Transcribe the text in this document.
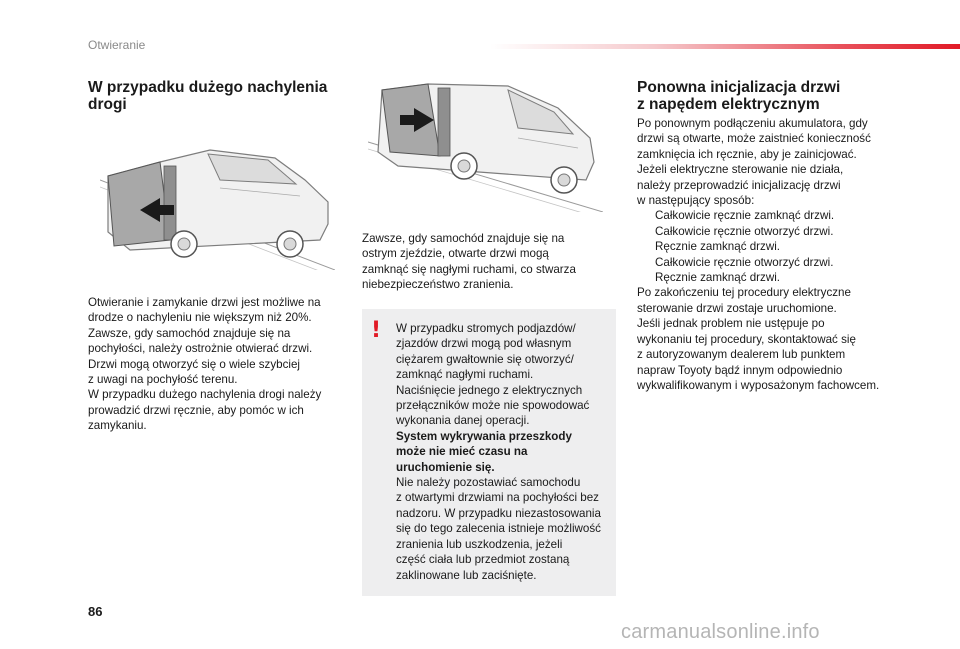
Otwieranie
W przypadku dużego nachylenia
drogi
Otwieranie i zamykanie drzwi jest możliwe na
drodze o nachyleniu nie większym niż 20%.
Zawsze, gdy samochód znajduje się na
pochyłości, należy ostrożnie otwierać drzwi.
Drzwi mogą otworzyć się o wiele szybciej
z uwagi na pochyłość terenu.
W przypadku dużego nachylenia drogi należy
prowadzić drzwi ręcznie, aby pomóc w ich
zamykaniu.
Zawsze, gdy samochód znajduje się na
ostrym zjeździe, otwarte drzwi mogą
zamknąć się nagłymi ruchami, co stwarza
niebezpieczeństwo zranienia.
! W przypadku stromych podjazdów/
zjazdów drzwi mogą pod własnym
ciężarem gwałtownie się otworzyć/
zamknąć nagłymi ruchami.
Naciśnięcie jednego z elektrycznych
przełączników może nie spowodować
wykonania danej operacji.
System wykrywania przeszkody
może nie mieć czasu na
uruchomienie się.
Nie należy pozostawiać samochodu
z otwartymi drzwiami na pochyłości bez
nadzoru. W przypadku niezastosowania
się do tego zalecenia istnieje możliwość
zranienia lub uszkodzenia, jeżeli
część ciała lub przedmiot zostaną
zaklinowane lub zaciśnięte.
Ponowna inicjalizacja drzwi
z napędem elektrycznym
Po ponownym podłączeniu akumulatora, gdy
drzwi są otwarte, może zaistnieć konieczność
zamknięcia ich ręcznie, aby je zainicjować.
Jeżeli elektryczne sterowanie nie działa,
należy przeprowadzić inicjalizację drzwi
w następujący sposób:
Całkowicie ręcznie zamknąć drzwi.
Całkowicie ręcznie otworzyć drzwi.
Ręcznie zamknąć drzwi.
Całkowicie ręcznie otworzyć drzwi.
Ręcznie zamknąć drzwi.
Po zakończeniu tej procedury elektryczne
sterowanie drzwi zostaje uruchomione.
Jeśli jednak problem nie ustępuje po
wykonaniu tej procedury, skontaktować się
z autoryzowanym dealerem lub punktem
napraw Toyoty bądź innym odpowiednio
wykwalifikowanym i wyposażonym fachowcem.
86
carmanualsonline.info
